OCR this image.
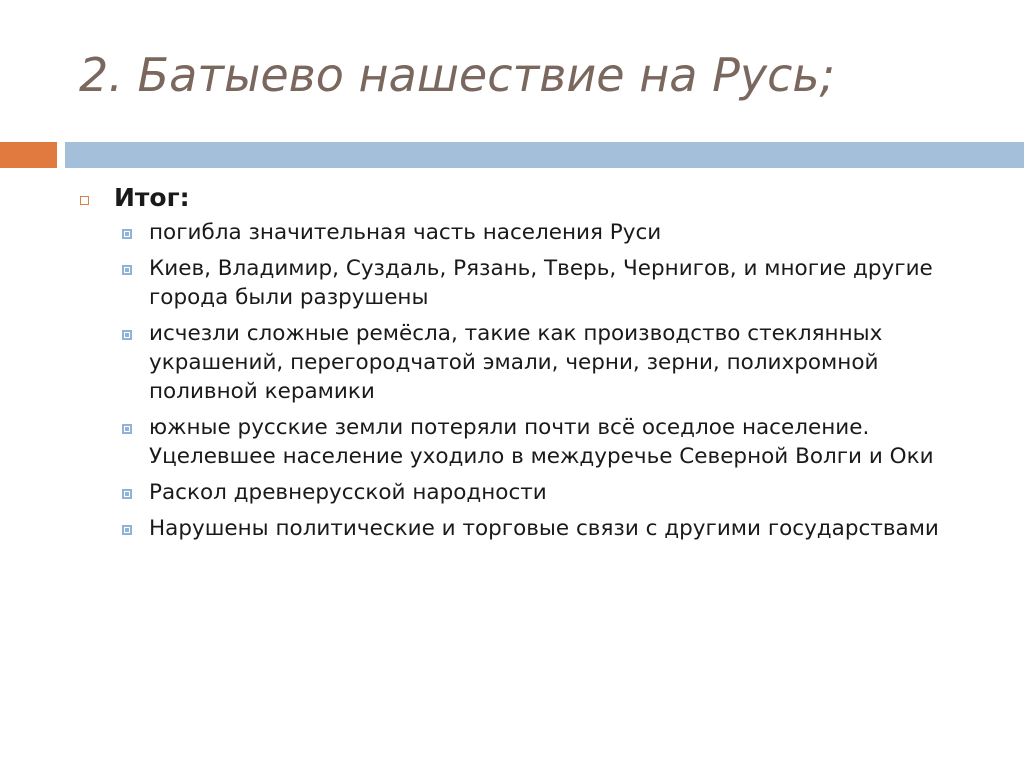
2. Батыево нашествие на Русь;
Итог:
погибла значительная часть населения Руси
Киев, Владимир, Суздаль, Рязань, Тверь, Чернигов, и многие другие города были разрушены
исчезли сложные ремёсла, такие как производство стеклянных украшений, перегородчатой эмали, черни, зерни, полихромной поливной керамики
южные русские земли потеряли почти всё оседлое население. Уцелевшее население уходило в междуречье Северной Волги и Оки
Раскол древнерусской народности
Нарушены политические и торговые связи с другими государствами
